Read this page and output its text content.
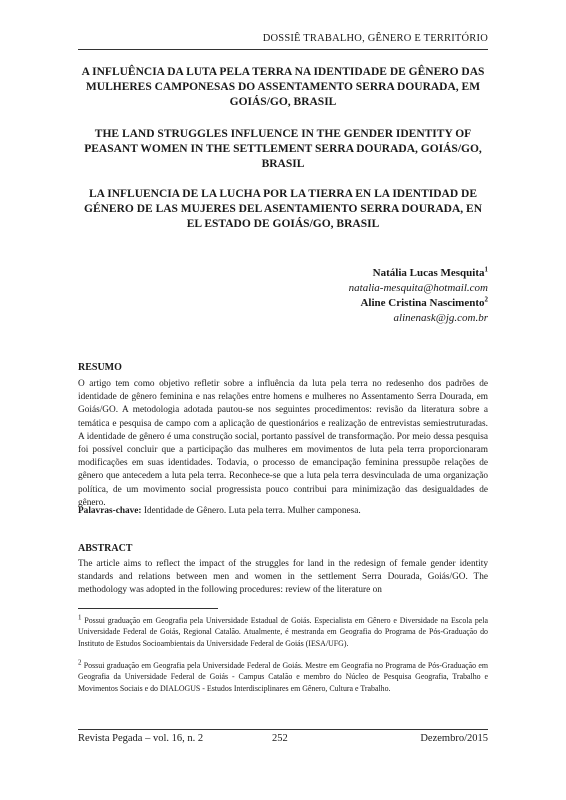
DOSSIÊ TRABALHO, GÊNERO E TERRITÓRIO
A INFLUÊNCIA DA LUTA PELA TERRA NA IDENTIDADE DE GÊNERO DAS MULHERES CAMPONESAS DO ASSENTAMENTO SERRA DOURADA, EM GOIÁS/GO, BRASIL
THE LAND STRUGGLES INFLUENCE IN THE GENDER IDENTITY OF PEASANT WOMEN IN THE SETTLEMENT SERRA DOURADA, GOIÁS/GO, BRASIL
LA INFLUENCIA DE LA LUCHA POR LA TIERRA EN LA IDENTIDAD DE GÉNERO DE LAS MUJERES DEL ASENTAMIENTO SERRA DOURADA, EN EL ESTADO DE GOIÁS/GO, BRASIL
Natália Lucas Mesquita$^1$
natalia-mesquita@hotmail.com
Aline Cristina Nascimento$^2$
alinenask@jg.com.br
RESUMO

O artigo tem como objetivo refletir sobre a influência da luta pela terra no redesenho dos padrões de identidade de gênero feminina e nas relações entre homens e mulheres no Assentamento Serra Dourada, em Goiás/GO. A metodologia adotada pautou-se nos seguintes procedimentos: revisão da literatura sobre a temática e pesquisa de campo com a aplicação de questionários e realização de entrevistas semiestruturadas. A identidade de gênero é uma construção social, portanto passível de transformação. Por meio dessa pesquisa foi possível concluir que a participação das mulheres em movimentos de luta pela terra proporcionaram modificações em suas identidades. Todavia, o processo de emancipação feminina pressupõe relações de gênero que antecedem a luta pela terra. Reconhece-se que a luta pela terra desvinculada de uma organização política, de um movimento social progressista pouco contribui para minimização das desigualdades de gênero.

Palavras-chave: Identidade de Gênero. Luta pela terra. Mulher camponesa.
ABSTRACT

The article aims to reflect the impact of the struggles for land in the redesign of female gender identity standards and relations between men and women in the settlement Serra Dourada, Goiás/GO. The methodology was adopted in the following procedures: review of the literature on

$^1$ Possui graduação em Geografia pela Universidade Estadual de Goiás. Especialista em Gênero e Diversidade na Escola pela Universidade Federal de Goiás, Regional Catalão. Atualmente, é mestranda em Geografia do Programa de Pós-Graduação do Instituto de Estudos Socioambientais da Universidade Federal de Goiás (IESA/UFG).

$^2$ Possui graduação em Geografia pela Universidade Federal de Goiás. Mestre em Geografia no Programa de Pós-Graduação em Geografia da Universidade Federal de Goiás - Campus Catalão e membro do Núcleo de Pesquisa Geografia, Trabalho e Movimentos Sociais e do DIALOGUS - Estudos Interdisciplinares em Gênero, Cultura e Trabalho.

Revista Pegada – vol. 16, n. 2	252	Dezembro/2015
